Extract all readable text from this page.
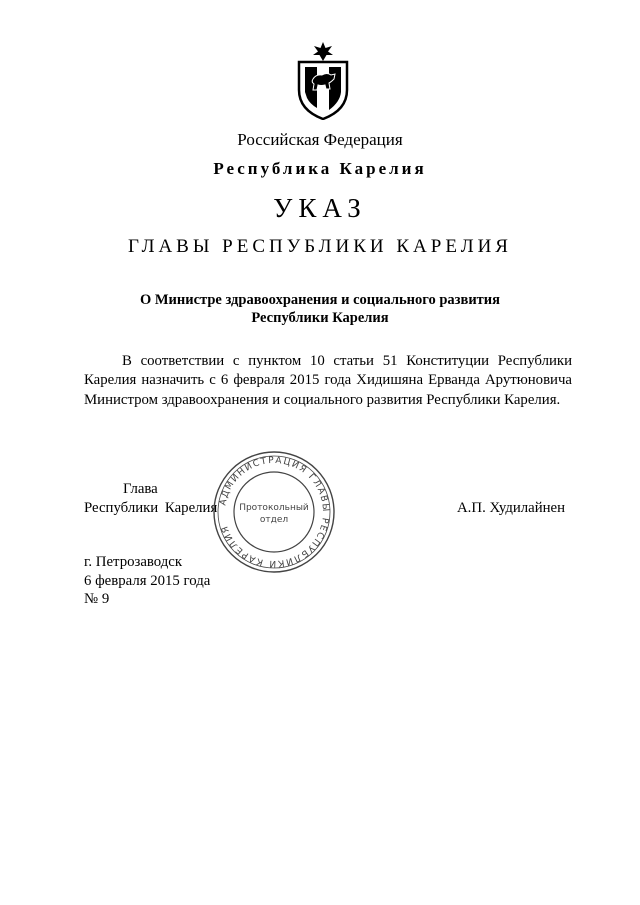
Российская Федерация
Республика Карелия
УКАЗ
ГЛАВЫ РЕСПУБЛИКИ КАРЕЛИЯ
О Министре здравоохранения и социального развития
Республики Карелия
В соответствии с пунктом 10 статьи 51 Конституции Республики Карелия назначить с 6 февраля 2015 года Хидишяна Ерванда Арутюновича Министром здравоохранения и социального развития Республики Карелия.
Глава
Республики Карелия	А.П. Худилайнен
АДМИНИСТРАЦИЯ ГЛАВЫ РЕСПУБЛИКИ КАРЕЛИЯ
Протокольный
отдел
г. Петрозаводск
6 февраля 2015 года
№ 9
